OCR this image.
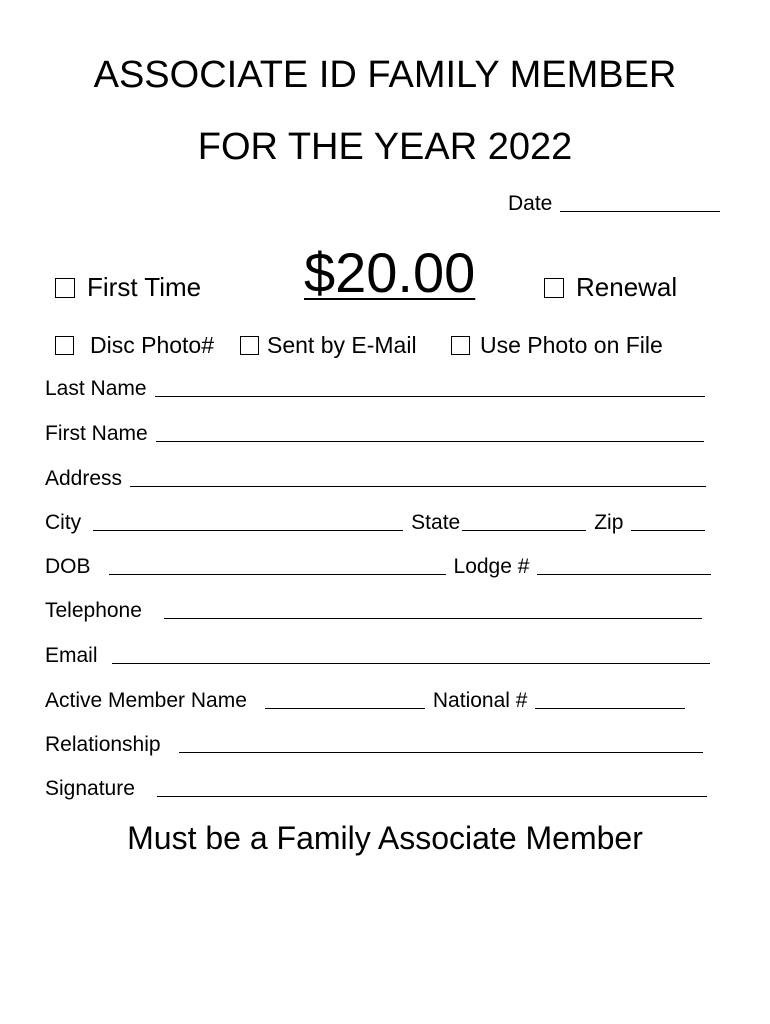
ASSOCIATE ID FAMILY MEMBER
FOR THE YEAR 2022
Date
$20.00
First Time	Renewal
Disc Photo# Sent by E-Mail	Use Photo on File
Last Name
First Name
Address
City	State	Zip
DOB	Lodge #
Telephone
Email
Active Member Name	National #
Relationship
Signature
Must be a Family Associate Member
